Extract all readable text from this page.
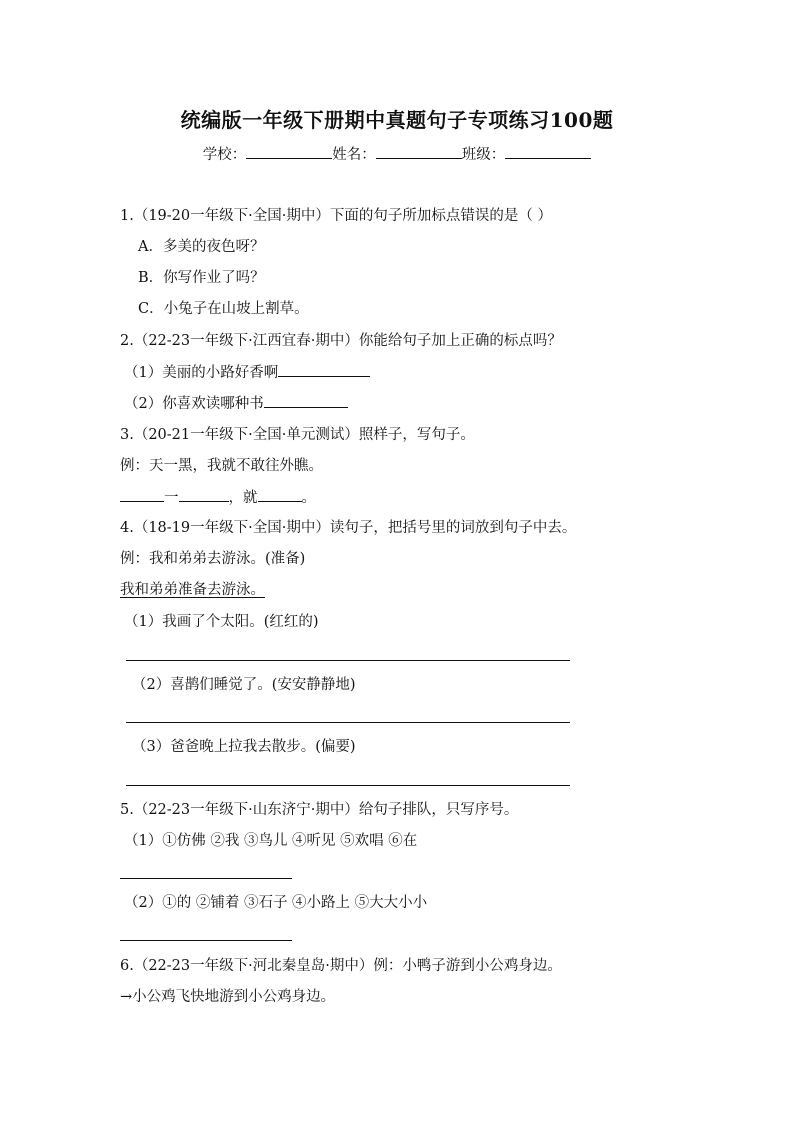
统编版一年级下册期中真题句子专项练习100题
学校：	姓名：	班级：
1.（19-20一年级下·全国·期中）下面的句子所加标点错误的是（ ）
A．多美的夜色呀？
B．你写作业了吗？
C．小兔子在山坡上割草。
2.（22-23一年级下·江西宜春·期中）你能给句子加上正确的标点吗？
（1）美丽的小路好香啊
（2）你喜欢读哪种书
3.（20-21一年级下·全国·单元测试）照样子，写句子。
例：天一黑，我就不敢往外瞧。
一	，就	。
4.（18-19一年级下·全国·期中）读句子，把括号里的词放到句子中去。
例：我和弟弟去游泳。(准备)
我和弟弟准备去游泳。
（1）我画了个太阳。(红红的)
（2）喜鹊们睡觉了。(安安静静地)
（3）爸爸晚上拉我去散步。(偏要)
5.（22-23一年级下·山东济宁·期中）给句子排队，只写序号。
（1）①仿佛 ②我 ③鸟儿 ④听见 ⑤欢唱 ⑥在
（2）①的 ②铺着 ③石子 ④小路上 ⑤大大小小
6.（22-23一年级下·河北秦皇岛·期中）例：小鸭子游到小公鸡身边。
→小公鸡飞快地游到小公鸡身边。
